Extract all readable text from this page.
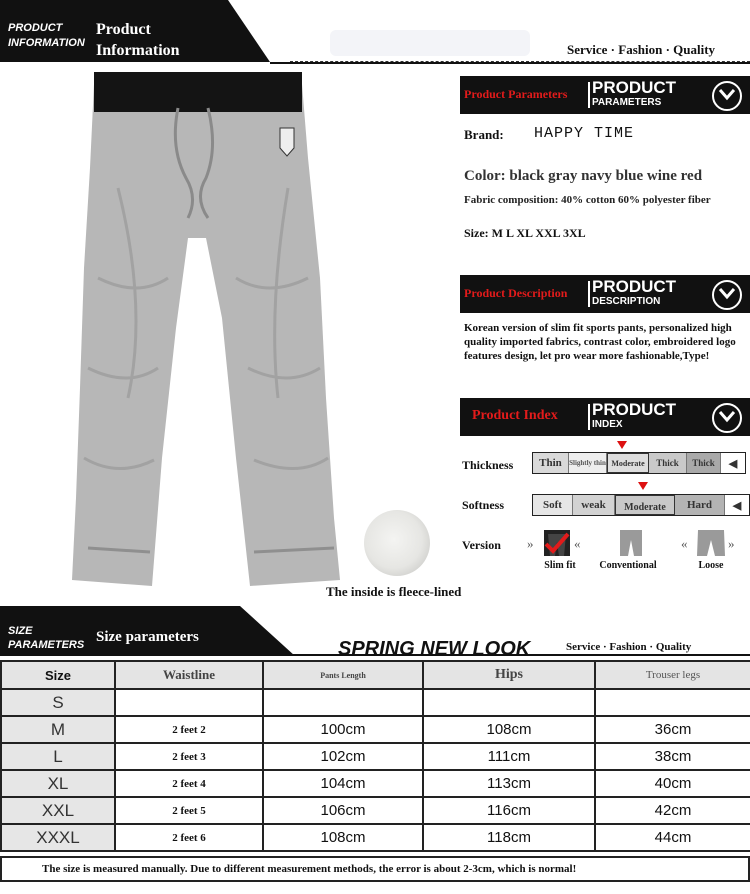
PRODUCT
INFORMATION
Product
Information	Service · Fashion · Quality
The inside is fleece-lined
Product Parameters PRODUCT
PARAMETERS
Brand: HAPPY TIME
Color: black gray navy blue wine red
Fabric composition: 40% cotton 60% polyester fiber
Size: M L XL XXL 3XL
Product Description PRODUCT
DESCRIPTION
Korean version of slim fit sports pants, personalized high quality imported fabrics, contrast color, embroidered logo features design, let pro wear more fashionable,Type!
Product Index PRODUCT
INDEX
Thickness	Thin	Slightly thin Moderate	Thick	Thick	◀
Softness	Soft	weak	Moderate	Hard	◀
Version »	«
Slim fit	Conventional
«	»
Loose
SIZE
PARAMETERS Size parameters
SPRING NEW LOOK	Service · Fashion · Quality
Size	Waistline	Pants Length	Hips	Trouser legs
S				
M	2 feet 2	100cm	108cm	36cm
L	2 feet 3	102cm	111cm	38cm
XL	2 feet 4	104cm	113cm	40cm
XXL	2 feet 5	106cm	116cm	42cm
XXXL	2 feet 6	108cm	118cm	44cm
The size is measured manually. Due to different measurement methods, the error is about 2-3cm, which is normal!
